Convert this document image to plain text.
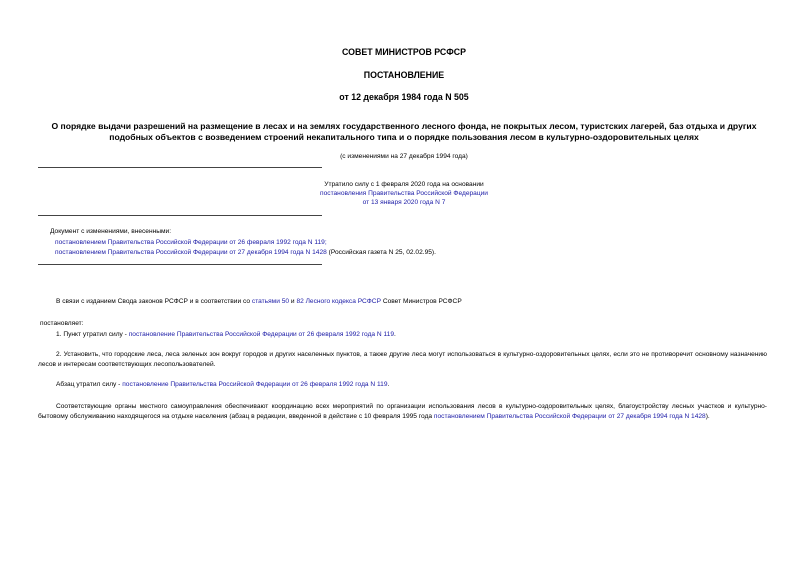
СОВЕТ МИНИСТРОВ РСФСР
ПОСТАНОВЛЕНИЕ
от 12 декабря 1984 года N 505
О порядке выдачи разрешений на размещение в лесах и на землях государственного лесного фонда, не покрытых лесом, туристских лагерей, баз отдыха и других подобных объектов с возведением строений некапитального типа и о порядке пользования лесом в культурно-оздоровительных целях
(с изменениями на 27 декабря 1994 года)
Утратило силу с 1 февраля 2020 года на основании
постановления Правительства Российской Федерации
от 13 января 2020 года N 7
Документ с изменениями, внесенными:
постановлением Правительства Российской Федерации от 26 февраля 1992 года N 119;
постановлением Правительства Российской Федерации от 27 декабря 1994 года N 1428 (Российская газета N 25, 02.02.95).
В связи с изданием Свода законов РСФСР и в соответствии со статьями 50 и 82 Лесного кодекса РСФСР Совет Министров РСФСР
постановляет:
1. Пункт утратил силу - постановление Правительства Российской Федерации от 26 февраля 1992 года N 119.
2. Установить, что городские леса, леса зеленых зон вокруг городов и других населенных пунктов, а также другие леса могут использоваться в культурно-оздоровительных целях, если это не противоречит основному назначению лесов и интересам соответствующих лесопользователей.
Абзац утратил силу - постановление Правительства Российской Федерации от 26 февраля 1992 года N 119.
Соответствующие органы местного самоуправления обеспечивают координацию всех мероприятий по организации использования лесов в культурно-оздоровительных целях, благоустройству лесных участков и культурно-бытовому обслуживанию находящегося на отдыхе населения (абзац в редакции, введенной в действие с 10 февраля 1995 года постановлением Правительства Российской Федерации от 27 декабря 1994 года N 1428).
